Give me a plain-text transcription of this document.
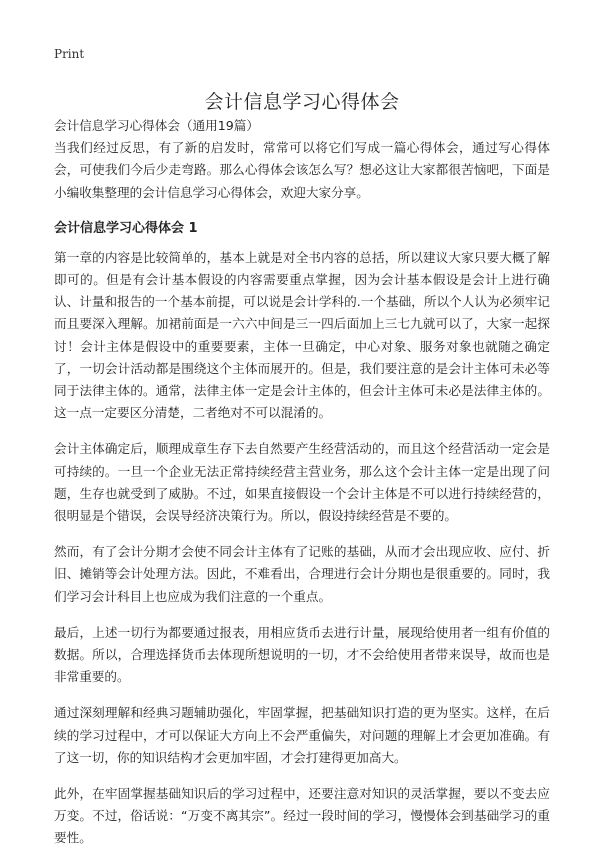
Print
会计信息学习心得体会

会计信息学习心得体会（通用19篇）

当我们经过反思，有了新的启发时，常常可以将它们写成一篇心得体会，通过写心得体会，可使我们今后少走弯路。那么心得体会该怎么写？想必这让大家都很苦恼吧，下面是小编收集整理的会计信息学习心得体会，欢迎大家分享。

会计信息学习心得体会 1

第一章的内容是比较简单的，基本上就是对全书内容的总括，所以建议大家只要大概了解即可的。但是有会计基本假设的内容需要重点掌握，因为会计基本假设是会计上进行确认、计量和报告的一个基本前提，可以说是会计学科的.一个基础，所以个人认为必须牢记而且要深入理解。加裙前面是一六六中间是三一四后面加上三七九就可以了，大家一起探讨！会计主体是假设中的重要要素，主体一旦确定，中心对象、服务对象也就随之确定了，一切会计活动都是围绕这个主体而展开的。但是，我们要注意的是会计主体可未必等同于法律主体的。通常，法律主体一定是会计主体的，但会计主体可未必是法律主体的。这一点一定要区分清楚，二者绝对不可以混淆的。

会计主体确定后，顺理成章生存下去自然要产生经营活动的，而且这个经营活动一定会是可持续的。一旦一个企业无法正常持续经营主营业务，那么这个会计主体一定是出现了问题，生存也就受到了威胁。不过，如果直接假设一个会计主体是不可以进行持续经营的，很明显是个错误，会误导经济决策行为。所以，假设持续经营是不要的。

然而，有了会计分期才会使不同会计主体有了记账的基础，从而才会出现应收、应付、折旧、摊销等会计处理方法。因此，不难看出，合理进行会计分期也是很重要的。同时，我们学习会计科目上也应成为我们注意的一个重点。

最后，上述一切行为都要通过报表，用相应货币去进行计量，展现给使用者一组有价值的数据。所以，合理选择货币去体现所想说明的一切，才不会给使用者带来误导，故而也是非常重要的。

通过深刻理解和经典习题辅助强化，牢固掌握，把基础知识打造的更为坚实。这样，在后续的学习过程中，才可以保证大方向上不会严重偏失，对问题的理解上才会更加准确。有了这一切，你的知识结构才会更加牢固，才会打建得更加高大。

此外，在牢固掌握基础知识后的学习过程中，还要注意对知识的灵活掌握，要以不变去应万变。不过，俗话说：“万变不离其宗”。经过一段时间的学习，慢慢体会到基础学习的重要性。
